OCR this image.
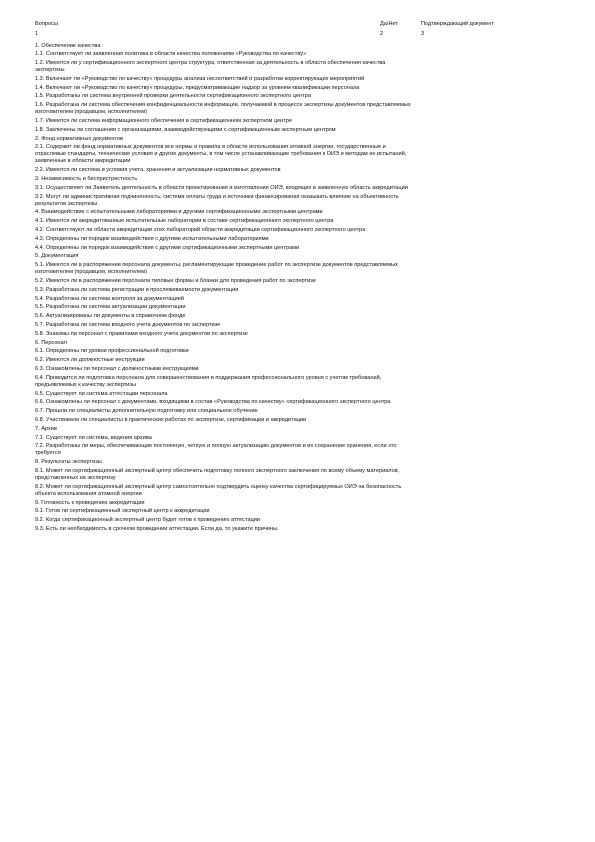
Вопросы	Да/Нет	Подтверждающий документ
1	2	3
1. Обеспечение качества
1.1. Соответствует ли заявленная политика в области качества положениям «Руководства по качеству»
1.2. Имеются ли у сертификационного экспертного центра структура, ответственная за деятельность в области обеспечения качества экспертизы
1.3. Включают ли «Руководство по качеству» процедуры анализа несоответствий и разработки корректирующих мероприятий
1.4. Включают ли «Руководство по качеству» процедуры, предусматривающие надзор за уровнем квалификации персонала
1.5. Разработаны ли система внутренней проверки деятельности сертификационного экспертного центра
1.6. Разработана ли система обеспечения конфиденциальности информации, получаемой в процессе экспертизы документов представляемых изготовителем (продавцом, исполнителем)
1.7. Имеются ли система информационного обеспечения в сертификационном экспертном центре
1.8. Заключены ли соглашения с организациями, взаимодействующими с сертификационным экспертным центром
2. Фонд нормативных документов
2.1. Содержит ли фонд нормативных документов все нормы и правила в области использования атомной энергии, государственные и отраслевые стандарты, технические условия и другие документы, в том числе устанавливающие требования к ОИЭ и методам их испытаний, заявленные в области аккредитации
2.2. Имеются ли система и условия учета, хранения и актуализации нормативных документов
3. Независимость и беспристрастность
3.1. Осуществляет ли Заявитель деятельность в области проектирования и изготовления ОИЭ, входящих в заявленную область аккредитации
3.2. Могут ли административная подчиненность, система оплаты труда и источники финансирования оказывать влияние на объективность результатов экспертизы
4. Взаимодействие с испытательными лабораториями и другими сертификационными экспертными центрами
4.1. Имеются ли аккредитованные испытательные лаборатории в составе сертификационного экспертного центра
4.2. Соответствуют ли области аккредитации этих лабораторий области аккредитации сертификационного экспертного центра
4.3. Определены ли порядок взаимодействия с другими испытательными лабораториями
4.4. Определены ли порядок взаимодействия с другими сертификационными экспертными центрами
5. Документация
5.1. Имеются ли в распоряжении персонала документы, регламентирующие проведение работ по экспертизе документов представляемых изготовителем (продавцом, исполнителем)
5.2. Имеются ли в распоряжении персонала типовые формы и бланки для проведения работ по экспертизе
5.3. Разработана ли система регистрации и прослеживаемости документации
5.4. Разработана ли система контроля за документацией
5.5. Разработана ли система актуализации документации
5.6. Актуализированы ли документы в справочном фонде
5.7. Разработана ли система входного учета документов по экспертизе
5.8. Знакомы ли персонал с правилами входного учета документов по экспертизе
6. Персонал
6.1. Определены ли уровни профессиональной подготовки
6.2. Имеются ли должностные инструкции
6.3. Ознакомлены ли персонал с должностными инструкциями
6.4. Проводится ли подготовка персонала для совершенствования и поддержания профессионального уровня с учетом требований, предъявляемых к качеству экспертизы
6.5. Существует ли система аттестации персонала
6.6. Ознакомлены ли персонал с документами, входящими в состав «Руководства по качеству» сертификационного экспертного центра
6.7. Прошли ли специалисты дополнительную подготовку или специальное обучение
6.8. Участвовали ли специалисты в практических работах по экспертизе, сертификации и аккредитации
7. Архив
7.1. Существует ли система, ведения архива
7.2. Разработаны ли меры, обеспечивающие постоянную, четкую и полную актуализацию документов и их сохранение хранения, если это требуется
8. Результаты экспертизы
8.1. Может ли сертификационный экспертный центр обеспечить подготовку полного экспертного заключения по всему объему материалов, представленных на экспертизу
8.2. Может ли сертификационный экспертный центр самостоятельно подтвердить оценку качества сертифицируемых ОИЭ на безопасность объекта использования атомной энергии
9. Готовность к проведению аккредитации
9.1. Готов ли сертификационный экспертный центр к аккредитации
9.2. Когда сертификационный экспертный центр будет готов к проведению аттестации
9.3. Есть ли необходимость в срочном проведении аттестации. Если да, то укажите причины.
